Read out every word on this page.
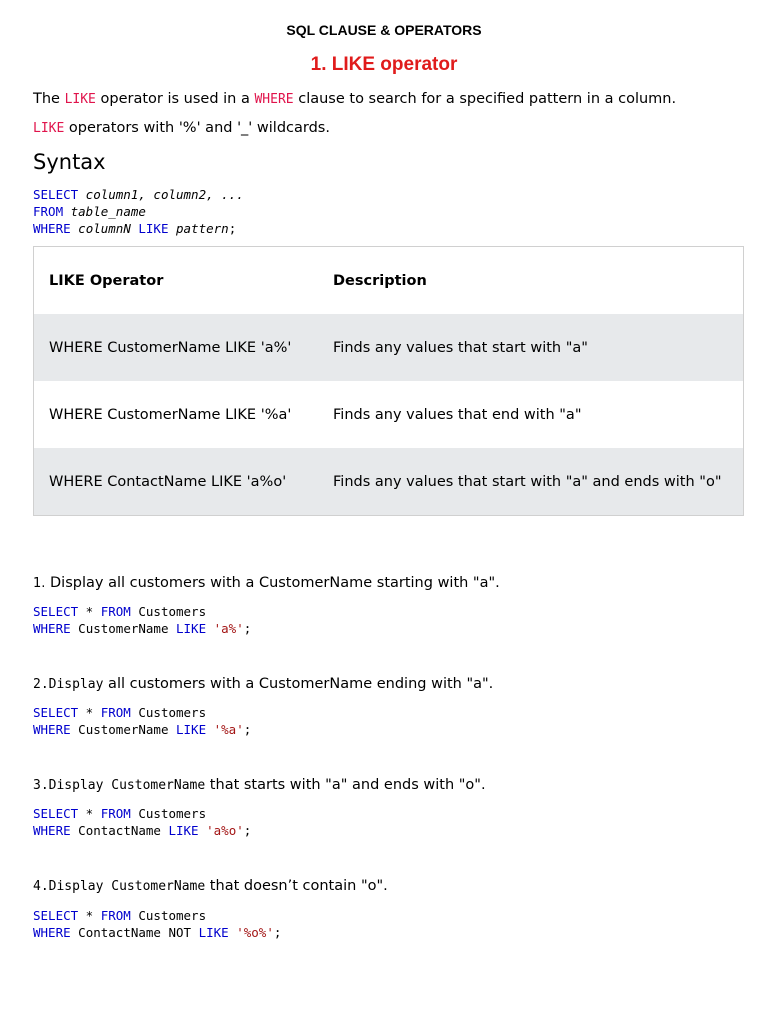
SQL CLAUSE & OPERATORS
1. LIKE operator
The LIKE operator is used in a WHERE clause to search for a specified pattern in a column.
LIKE operators with '%' and '_' wildcards.
Syntax
SELECT column1, column2, ...
FROM table_name
WHERE columnN LIKE pattern;
LIKE Operator	Description
WHERE CustomerName LIKE 'a%'	Finds any values that start with "a"
WHERE CustomerName LIKE '%a'	Finds any values that end with "a"
WHERE ContactName LIKE 'a%o'	Finds any values that start with "a" and ends with "o"
1. Display all customers with a CustomerName starting with "a".
SELECT * FROM Customers
WHERE CustomerName LIKE 'a%';
2.Display all customers with a CustomerName ending with "a".
SELECT * FROM Customers
WHERE CustomerName LIKE '%a';
3.Display CustomerName that starts with "a" and ends with "o".
SELECT * FROM Customers
WHERE ContactName LIKE 'a%o';
4.Display CustomerName that doesn’t contain "o".
SELECT * FROM Customers
WHERE ContactName NOT LIKE '%o%';
